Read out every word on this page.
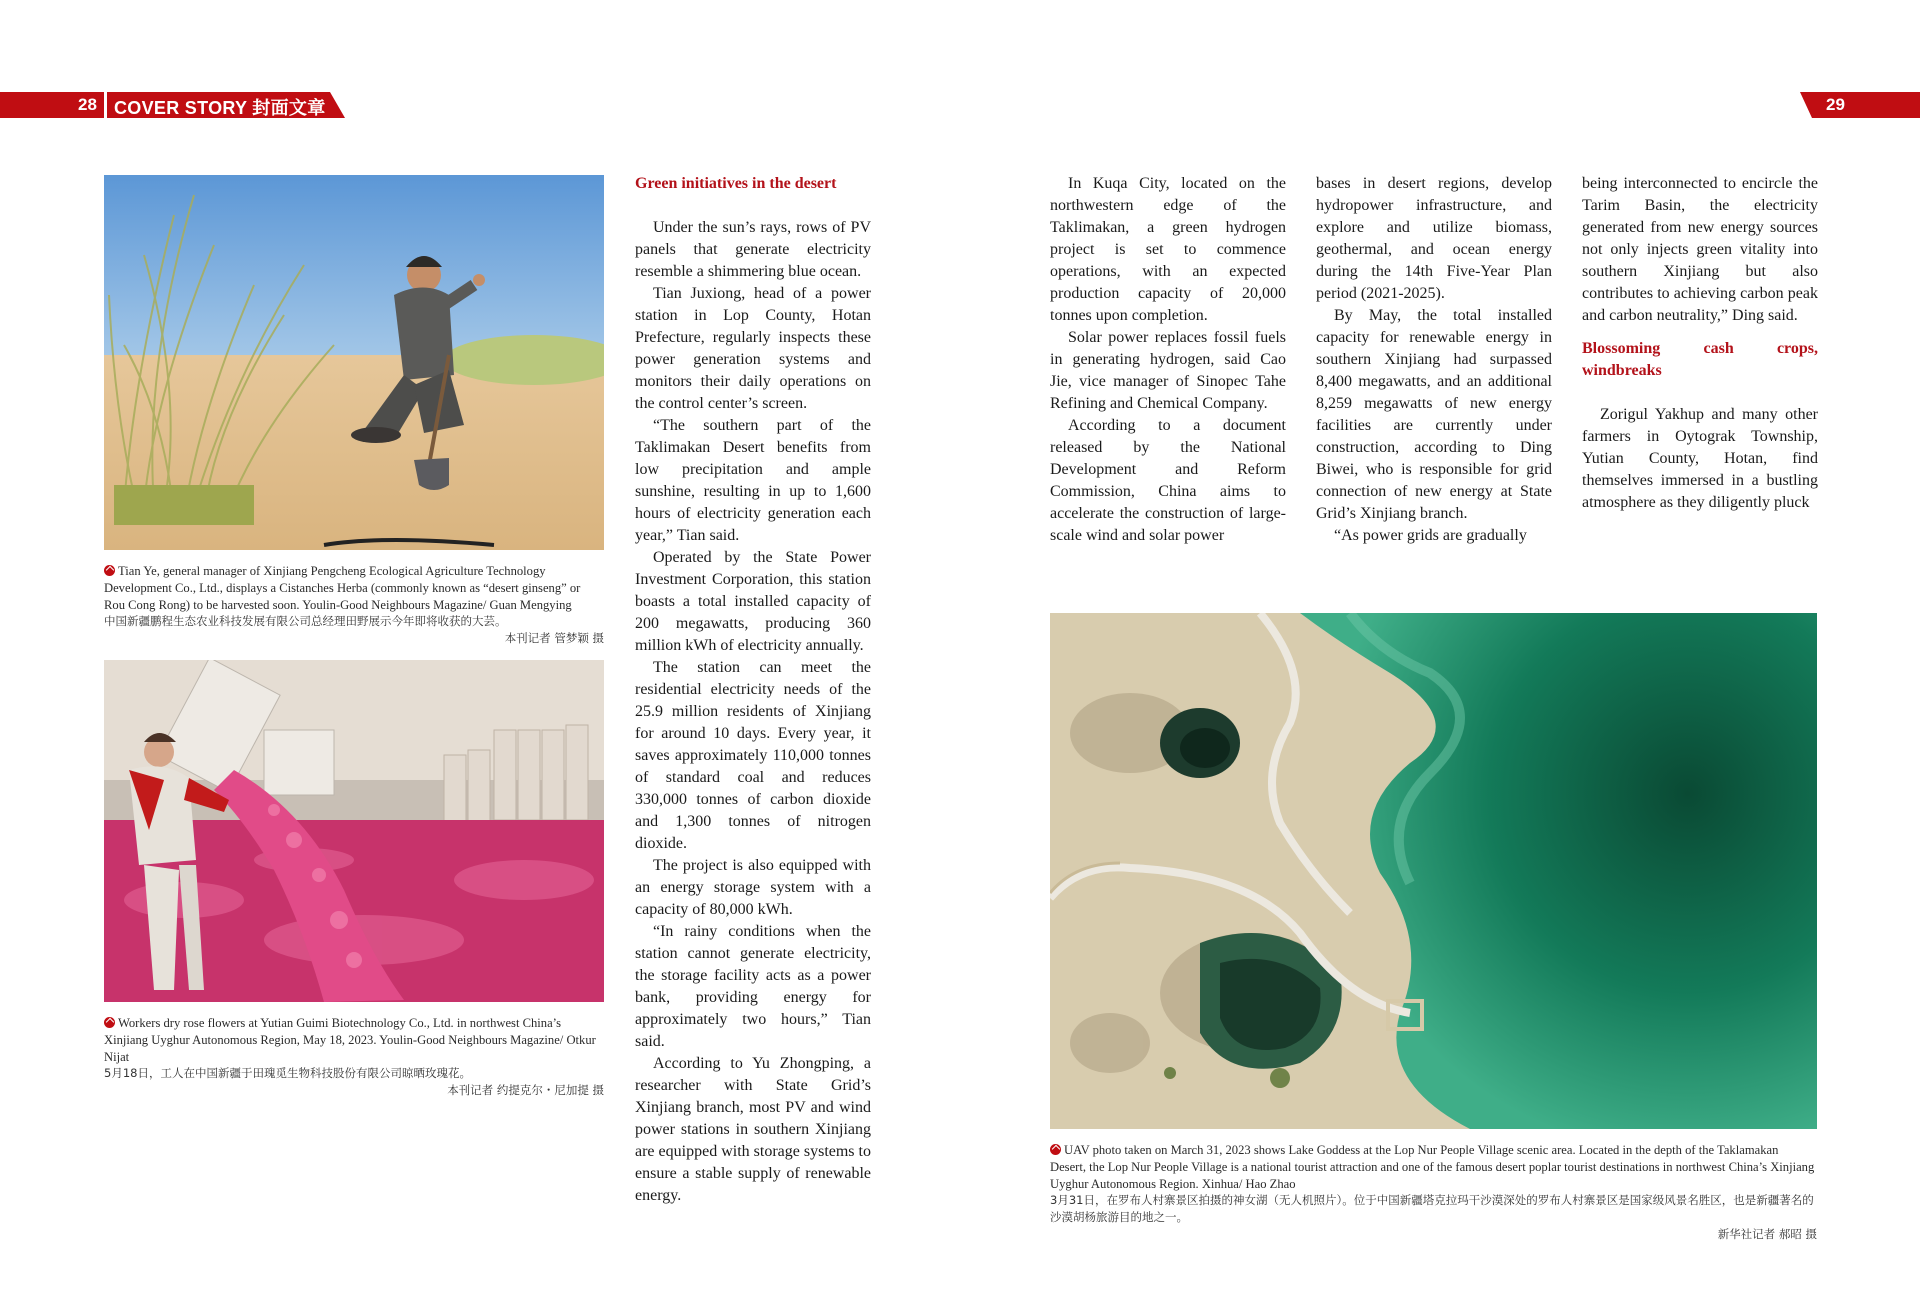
28 COVER STORY 封面文章	29
Tian Ye, general manager of Xinjiang Pengcheng Ecological Agriculture Technology Development Co., Ltd., displays a Cistanches Herba (commonly known as “desert ginseng” or Rou Cong Rong) to be harvested soon. Youlin-Good Neighbours Magazine/ Guan Mengying
中国新疆鹏程生态农业科技发展有限公司总经理田野展示今年即将收获的大芸。
本刊记者 管梦颖 摄
Workers dry rose flowers at Yutian Guimi Biotechnology Co., Ltd. in northwest China’s Xinjiang Uyghur Autonomous Region, May 18, 2023. Youlin-Good Neighbours Magazine/ Otkur Nijat
5月18日，工人在中国新疆于田瑰觅生物科技股份有限公司晾晒玫瑰花。
本刊记者 约提克尔・尼加提 摄
Green initiatives in the desert

Under the sun’s rays, rows of PV panels that generate electricity resemble a shimmering blue ocean.

Tian Juxiong, head of a power station in Lop County, Hotan Prefecture, regularly inspects these power generation systems and monitors their daily operations on the control center’s screen.

“The southern part of the Taklimakan Desert benefits from low precipitation and ample sunshine, resulting in up to 1,600 hours of electricity generation each year,” Tian said.

Operated by the State Power Investment Corporation, this station boasts a total installed capacity of 200 megawatts, producing 360 million kWh of electricity annually.

The station can meet the residential electricity needs of the 25.9 million residents of Xinjiang for around 10 days. Every year, it saves approximately 110,000 tonnes of standard coal and reduces 330,000 tonnes of carbon dioxide and 1,300 tonnes of nitrogen dioxide.

The project is also equipped with an energy storage system with a capacity of 80,000 kWh.

“In rainy conditions when the station cannot generate electricity, the storage facility acts as a power bank, providing energy for approximately two hours,” Tian said.

According to Yu Zhongping, a researcher with State Grid’s Xinjiang branch, most PV and wind power stations in southern Xinjiang are equipped with storage systems to ensure a stable supply of renewable energy.

In Kuqa City, located on the northwestern edge of the Taklimakan, a green hydrogen project is set to commence operations, with an expected production capacity of 20,000 tonnes upon completion.

Solar power replaces fossil fuels in generating hydrogen, said Cao Jie, vice manager of Sinopec Tahe Refining and Chemical Company.

According to a document released by the National Development and Reform Commission, China aims to accelerate the construction of large-scale wind and solar power

bases in desert regions, develop hydropower infrastructure, and explore and utilize biomass, geothermal, and ocean energy during the 14th Five-Year Plan period (2021-2025).

By May, the total installed capacity for renewable energy in southern Xinjiang had surpassed 8,400 megawatts, and an additional 8,259 megawatts of new energy facilities are currently under construction, according to Ding Biwei, who is responsible for grid connection of new energy at State Grid’s Xinjiang branch.

“As power grids are gradually

being interconnected to encircle the Tarim Basin, the electricity generated from new energy sources not only injects green vitality into southern Xinjiang but also contributes to achieving carbon peak and carbon neutrality,” Ding said.

Blossoming cash crops, windbreaks

Zorigul Yakhup and many other farmers in Oytograk Township, Yutian County, Hotan, find themselves immersed in a bustling atmosphere as they diligently pluck

UAV photo taken on March 31, 2023 shows Lake Goddess at the Lop Nur People Village scenic area. Located in the depth of the Taklamakan Desert, the Lop Nur People Village is a national tourist attraction and one of the famous desert poplar tourist destinations in northwest China’s Xinjiang Uyghur Autonomous Region. Xinhua/ Hao Zhao
3月31日，在罗布人村寨景区拍摄的神女湖（无人机照片）。位于中国新疆塔克拉玛干沙漠深处的罗布人村寨景区是国家级风景名胜区，也是新疆著名的沙漠胡杨旅游目的地之一。
新华社记者 郝昭 摄
